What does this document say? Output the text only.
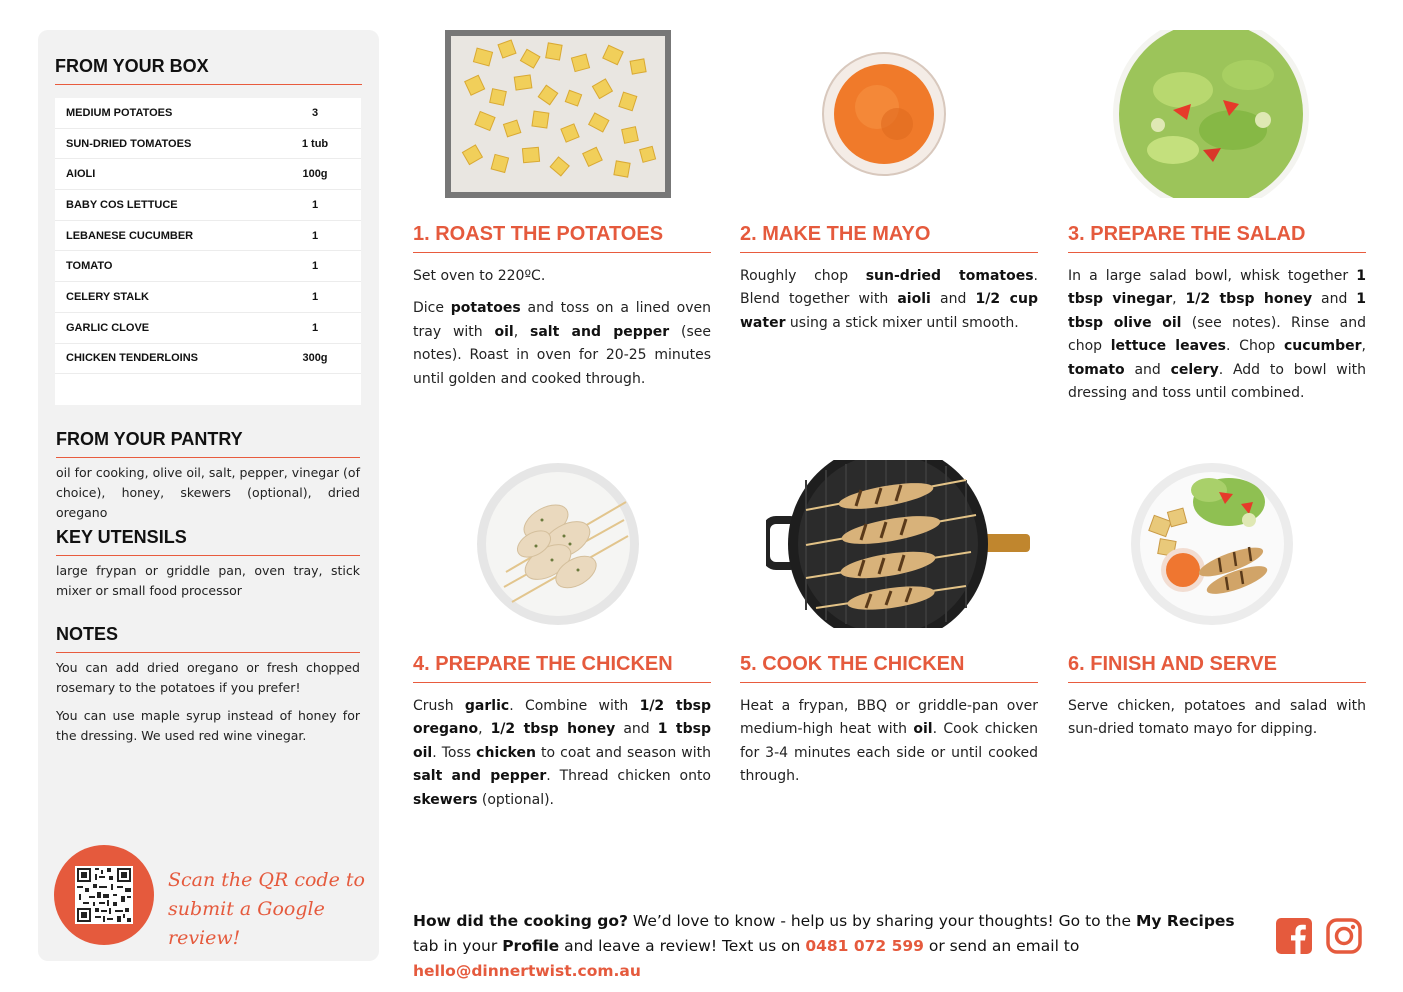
FROM YOUR BOX
MEDIUM POTATOES	3
SUN-DRIED TOMATOES	1 tub
AIOLI	100g
BABY COS LETTUCE	1
LEBANESE CUCUMBER	1
TOMATO	1
CELERY STALK	1
GARLIC CLOVE	1
CHICKEN TENDERLOINS	300g
FROM YOUR PANTRY
oil for cooking, olive oil, salt, pepper, vinegar (of choice), honey, skewers (optional), dried oregano
KEY UTENSILS
large frypan or griddle pan, oven tray, stick mixer or small food processor
NOTES
You can add dried oregano or fresh chopped rosemary to the potatoes if you prefer!
You can use maple syrup instead of honey for the dressing. We used red wine vinegar.
Scan the QR code to
submit a Google review!
1. ROAST THE POTATOES

Set oven to 220ºC.

Dice potatoes and toss on a lined oven tray with oil, salt and pepper (see notes). Roast in oven for 20-25 minutes until golden and cooked through.

2. MAKE THE MAYO

Roughly chop sun-dried tomatoes. Blend together with aioli and 1/2 cup water using a stick mixer until smooth.

3. PREPARE THE SALAD

In a large salad bowl, whisk together 1 tbsp vinegar, 1/2 tbsp honey and 1 tbsp olive oil (see notes). Rinse and chop lettuce leaves. Chop cucumber, tomato and celery. Add to bowl with dressing and toss until combined.

4. PREPARE THE CHICKEN

Crush garlic. Combine with 1/2 tbsp oregano, 1/2 tbsp honey and 1 tbsp oil. Toss chicken to coat and season with salt and pepper. Thread chicken onto skewers (optional).

5. COOK THE CHICKEN

Heat a frypan, BBQ or griddle-pan over medium-high heat with oil. Cook chicken for 3-4 minutes each side or until cooked through.

6. FINISH AND SERVE

Serve chicken, potatoes and salad with sun-dried tomato mayo for dipping.

How did the cooking go? We’d love to know - help us by sharing your thoughts! Go to the My Recipes tab in your Profile and leave a review! Text us on 0481 072 599 or send an email to hello@dinnertwist.com.au
